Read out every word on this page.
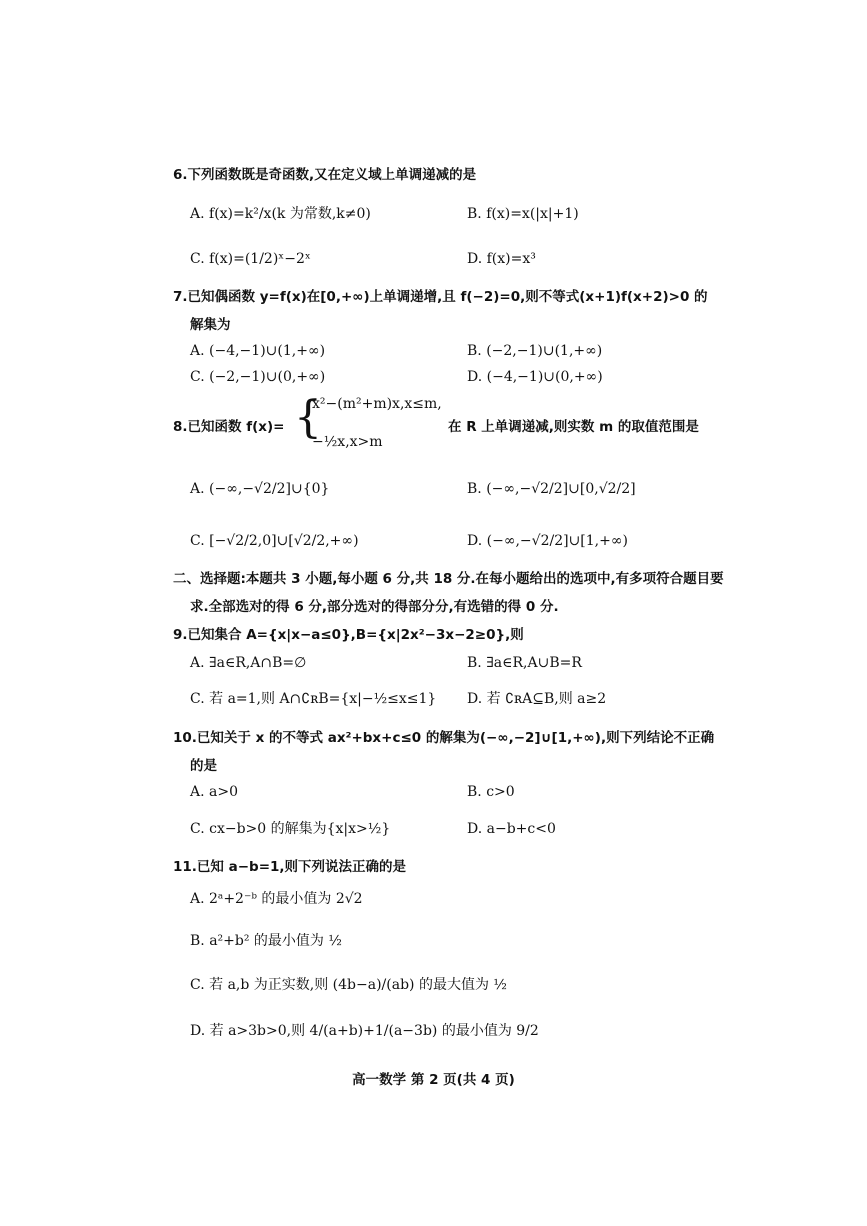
6.下列函数既是奇函数,又在定义域上单调递减的是
A. f(x)=k²/x(k 为常数,k≠0)	B. f(x)=x(|x|+1)
C. f(x)=(1/2)ˣ−2ˣ	D. f(x)=x³
7.已知偶函数 y=f(x)在[0,+∞)上单调递增,且 f(−2)=0,则不等式(x+1)f(x+2)>0 的
解集为
A. (−4,−1)∪(1,+∞)	B. (−2,−1)∪(1,+∞)
C. (−2,−1)∪(0,+∞)	D. (−4,−1)∪(0,+∞)
8.已知函数 f(x)= {
x²−(m²+m)x,x≤m,
−½x,x>m
在 R 上单调递减,则实数 m 的取值范围是
A. (−∞,−√2/2]∪{0}	B. (−∞,−√2/2]∪[0,√2/2]
C. [−√2/2,0]∪[√2/2,+∞)	D. (−∞,−√2/2]∪[1,+∞)
二、选择题:本题共 3 小题,每小题 6 分,共 18 分.在每小题给出的选项中,有多项符合题目要
求.全部选对的得 6 分,部分选对的得部分分,有选错的得 0 分.
9.已知集合 A={x|x−a≤0},B={x|2x²−3x−2≥0},则
A. ∃a∈R,A∩B=∅	B. ∃a∈R,A∪B=R
C. 若 a=1,则 A∩∁ʀB={x|−½≤x≤1} D. 若 ∁ʀA⊆B,则 a≥2
10.已知关于 x 的不等式 ax²+bx+c≤0 的解集为(−∞,−2]∪[1,+∞),则下列结论不正确
的是
A. a>0	B. c>0
C. cx−b>0 的解集为{x|x>½}	D. a−b+c<0
11.已知 a−b=1,则下列说法正确的是
A. 2ᵃ+2⁻ᵇ 的最小值为 2√2
B. a²+b² 的最小值为 ½
C. 若 a,b 为正实数,则 (4b−a)/(ab) 的最大值为 ½
D. 若 a>3b>0,则 4/(a+b)+1/(a−3b) 的最小值为 9/2
高一数学 第 2 页(共 4 页)
